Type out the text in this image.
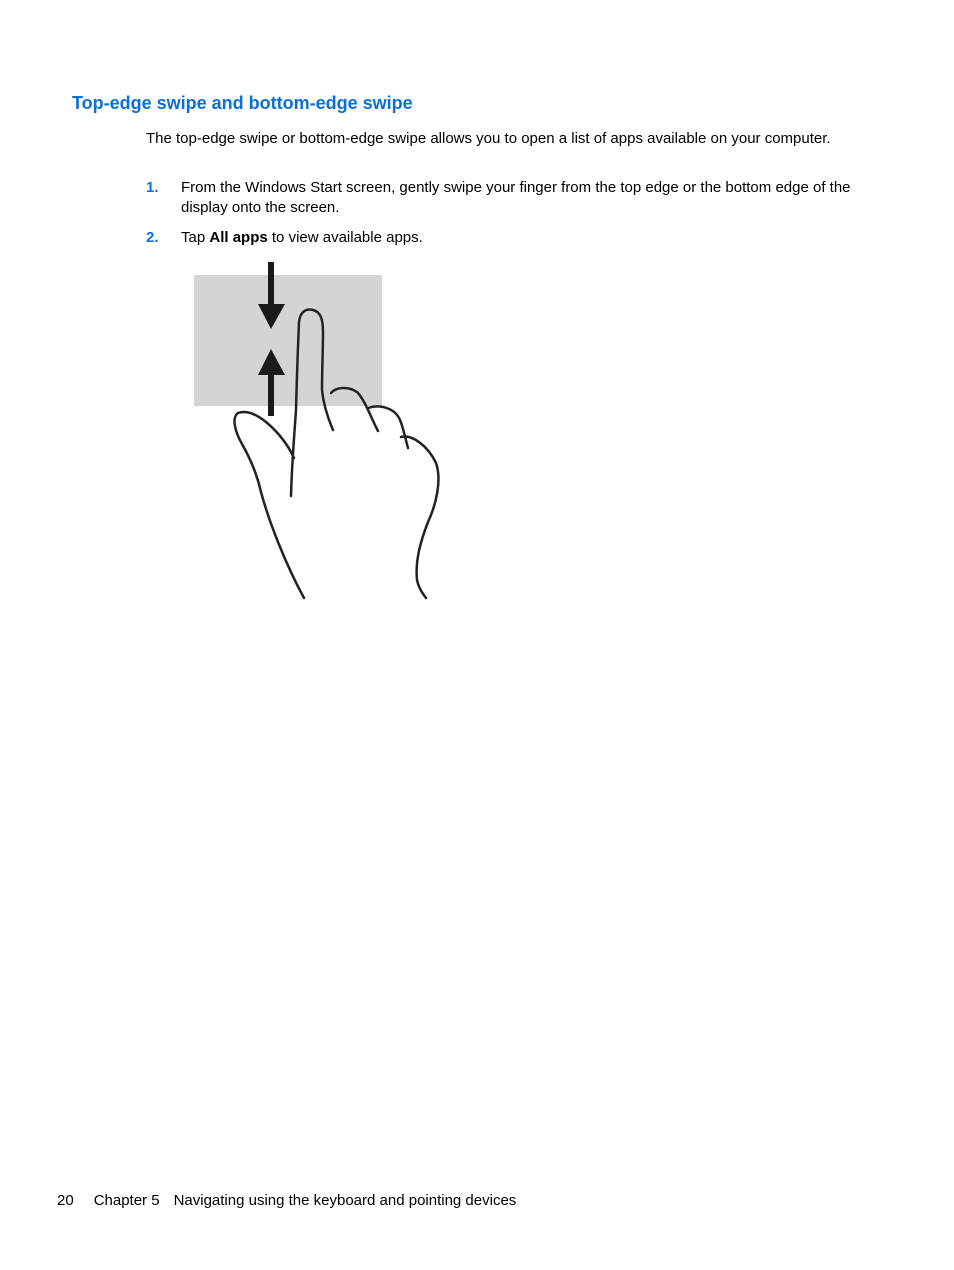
Top-edge swipe and bottom-edge swipe

The top-edge swipe or bottom-edge swipe allows you to open a list of apps available on your computer.

1. From the Windows Start screen, gently swipe your finger from the top edge or the bottom edge of the display onto the screen.
2. Tap All apps to view available apps.
20 Chapter 5 Navigating using the keyboard and pointing devices
